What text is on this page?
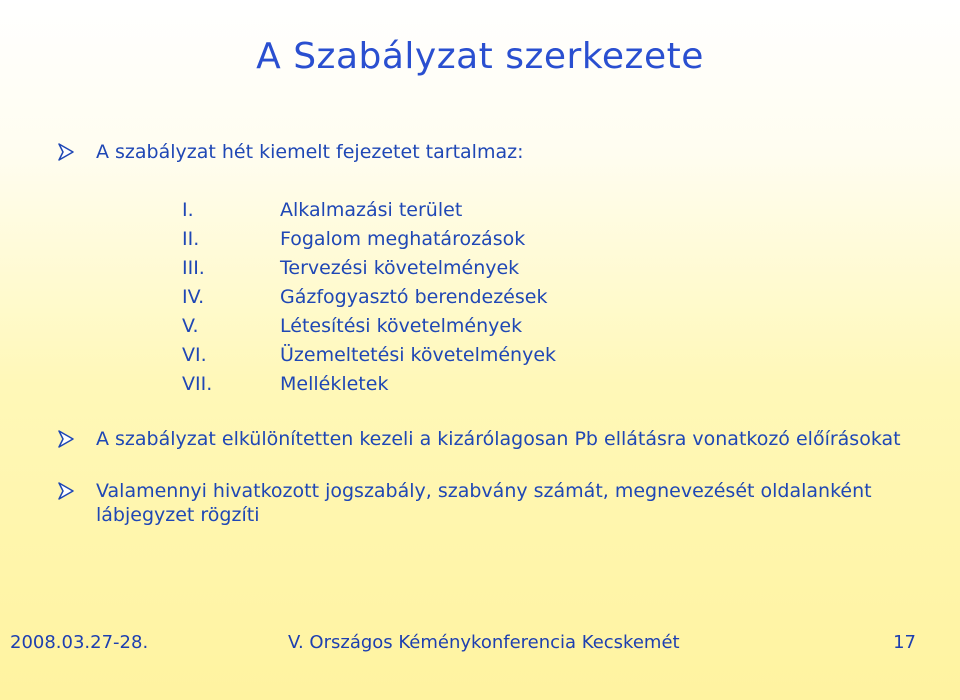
A Szabályzat szerkezete
A szabályzat hét kiemelt fejezetet tartalmaz:
I.	Alkalmazási terület
II.	Fogalom meghatározások
III.	Tervezési követelmények
IV.	Gázfogyasztó berendezések
V.	Létesítési követelmények
VI.	Üzemeltetési követelmények
VII.	Mellékletek
A szabályzat elkülönítetten kezeli a kizárólagosan Pb ellátásra vonatkozó előírásokat
Valamennyi hivatkozott jogszabály, szabvány számát, megnevezését oldalanként lábjegyzet rögzíti
2008.03.27-28.	V. Országos Kéménykonferencia Kecskemét	17
